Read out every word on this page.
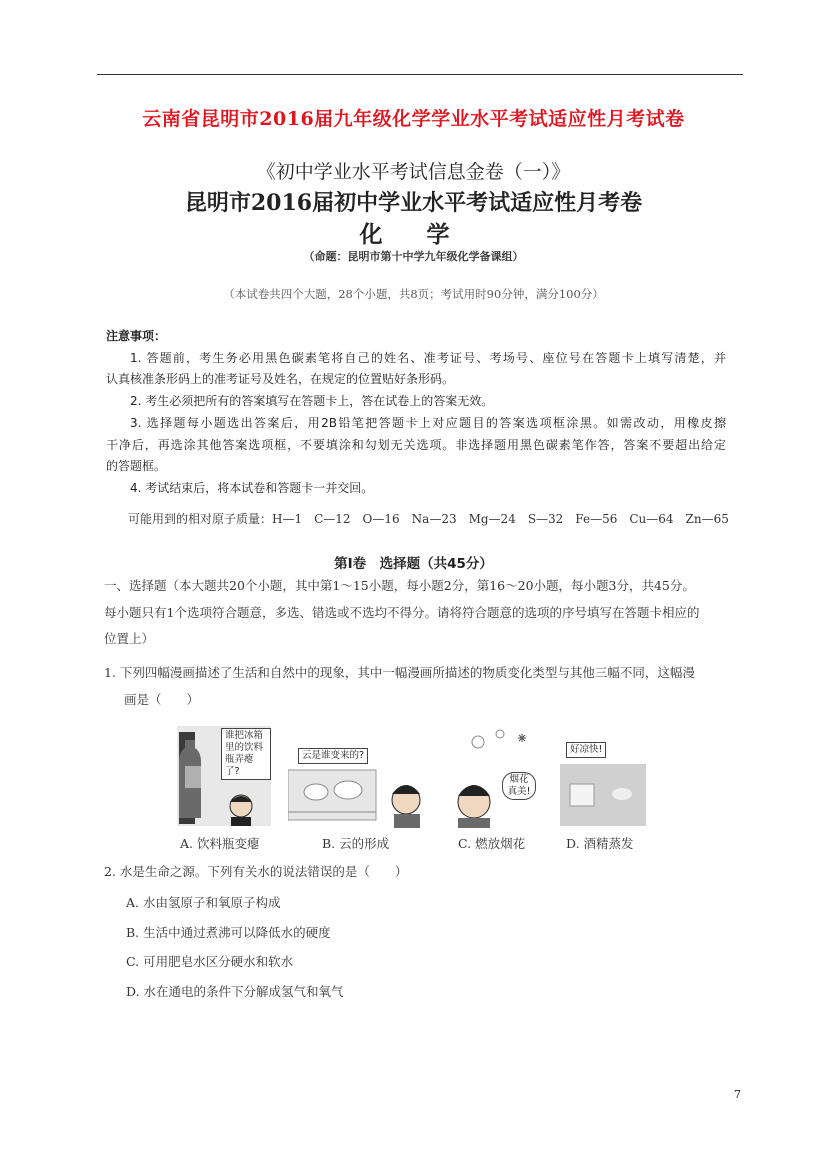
云南省昆明市2016届九年级化学学业水平考试适应性月考试卷
《初中学业水平考试信息金卷（一）》
昆明市2016届初中学业水平考试适应性月考卷
化 学
（命题：昆明市第十中学九年级化学备课组）
（本试卷共四个大题，28个小题，共8页；考试用时90分钟，满分100分）
注意事项：
1. 答题前，考生务必用黑色碳素笔将自己的姓名、准考证号、考场号、座位号在答题卡上填写清楚，并
认真核准条形码上的准考证号及姓名，在规定的位置贴好条形码。
2. 考生必须把所有的答案填写在答题卡上，答在试卷上的答案无效。
3. 选择题每小题选出答案后，用2B铅笔把答题卡上对应题目的答案选项框涂黑。如需改动，用橡皮擦
干净后，再选涂其他答案选项框，不要填涂和勾划无关选项。非选择题用黑色碳素笔作答，答案不要超出给定
的答题框。
4. 考试结束后，将本试卷和答题卡一并交回。
可能用到的相对原子质量：H—1　C—12　O—16　Na—23　Mg—24　S—32　Fe—56　Cu—64　Zn—65
第Ⅰ卷　选择题（共45分）
一、选择题（本大题共20个小题，其中第1～15小题，每小题2分，第16～20小题，每小题3分，共45分。
每小题只有1个选项符合题意，多选、错选或不选均不得分。请将符合题意的选项的序号填写在答题卡相应的
位置上）
1. 下列四幅漫画描述了生活和自然中的现象，其中一幅漫画所描述的物质变化类型与其他三幅不同，这幅漫
画是（　　）
谁把冰箱里的饮料瓶弄瘪了?
云是谁变来的?
烟花真美!
好凉快!
A. 饮料瓶变瘪	B. 云的形成	C. 燃放烟花	D. 酒精蒸发
2. 水是生命之源。下列有关水的说法错误的是（　　）
A. 水由氢原子和氧原子构成
B. 生活中通过煮沸可以降低水的硬度
C. 可用肥皂水区分硬水和软水
D. 水在通电的条件下分解成氢气和氧气
7
